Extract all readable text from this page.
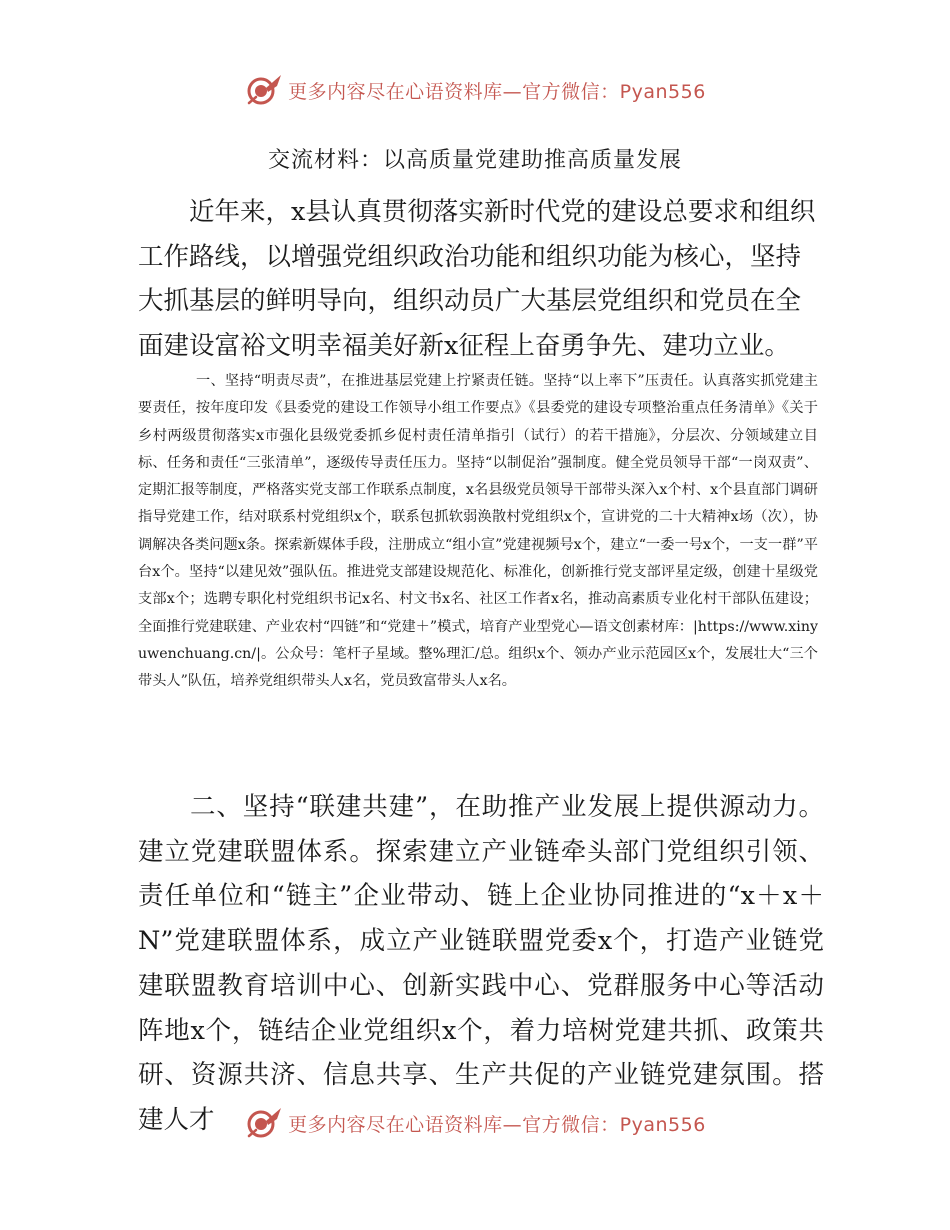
更多内容尽在心语资料库—官方微信：Pyan556
交流材料：以高质量党建助推高质量发展

近年来，x县认真贯彻落实新时代党的建设总要求和组织工作路线，以增强党组织政治功能和组织功能为核心，坚持大抓基层的鲜明导向，组织动员广大基层党组织和党员在全面建设富裕文明幸福美好新x征程上奋勇争先、建功立业。

一、坚持“明责尽责”，在推进基层党建上拧紧责任链。坚持“以上率下”压责任。认真落实抓党建主要责任，按年度印发《县委党的建设工作领导小组工作要点》《县委党的建设专项整治重点任务清单》《关于乡村两级贯彻落实x市强化县级党委抓乡促村责任清单指引（试行）的若干措施》，分层次、分领域建立目标、任务和责任“三张清单”，逐级传导责任压力。坚持“以制促治”强制度。健全党员领导干部“一岗双责”、定期汇报等制度，严格落实党支部工作联系点制度，x名县级党员领导干部带头深入x个村、x个县直部门调研指导党建工作，结对联系村党组织x个，联系包抓软弱涣散村党组织x个，宣讲党的二十大精神x场（次），协调解决各类问题x条。探索新媒体手段，注册成立“组小宣”党建视频号x个，建立“一委一号x个，一支一群”平台x个。坚持“以建见效”强队伍。推进党支部建设规范化、标准化，创新推行党支部评星定级，创建十星级党支部x个；选聘专职化村党组织书记x名、村文书x名、社区工作者x名，推动高素质专业化村干部队伍建设；全面推行党建联建、产业农村“四链”和“党建＋”模式，培育产业型党心—语文创素材库：|https://www.xinyuwenchuang.cn/|。公众号：笔杆子星域。整%理汇/总。组织x个、领办产业示范园区x个，发展壮大“三个带头人”队伍，培养党组织带头人x名，党员致富带头人x名。

二、坚持“联建共建”，在助推产业发展上提供源动力。建立党建联盟体系。探索建立产业链牵头部门党组织引领、责任单位和“链主”企业带动、链上企业协同推进的“x＋x＋N”党建联盟体系，成立产业链联盟党委x个，打造产业链党建联盟教育培训中心、创新实践中心、党群服务中心等活动阵地x个，链结企业党组织x个，着力培树党建共抓、政策共研、资源共济、信息共享、生产共促的产业链党建氛围。搭建人才	更多内容尽在心语资料库—官方微信：Pyan556
